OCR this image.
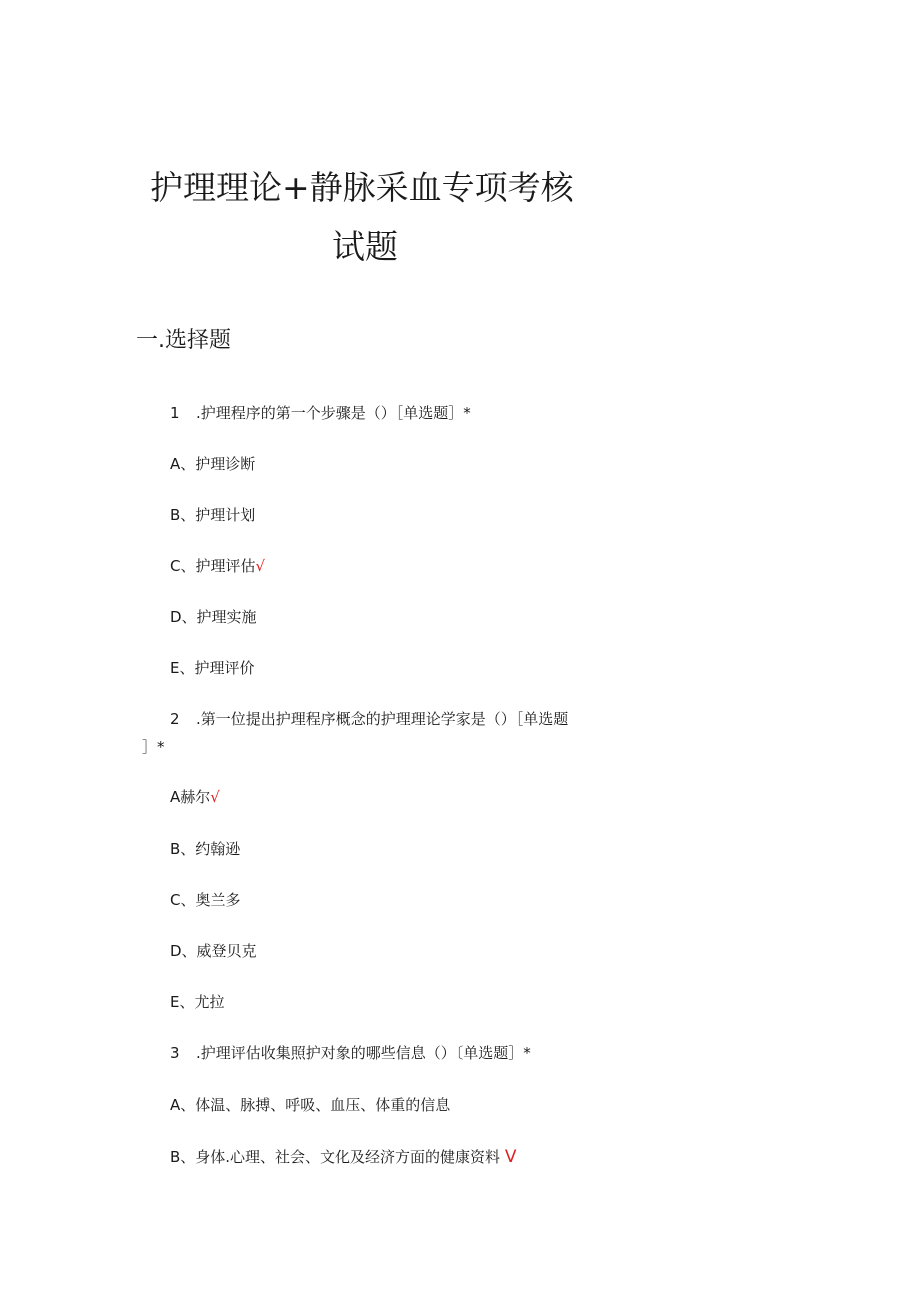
护理理论+静脉采血专项考核
试题
一.选择题
1 .护理程序的第一个步骤是（）［单选题］*
A、护理诊断
B、护理计划
C、护理评估√
D、护理实施
E、护理评价
2 .第一位提出护理程序概念的护理理论学家是（）［单选题
］*
A赫尔√
B、约翰逊
C、奥兰多
D、威登贝克
E、尤拉
3 .护理评估收集照护对象的哪些信息（）〔单选题］*
A、体温、脉搏、呼吸、血压、体重的信息
B、身体.心理、社会、文化及经济方面的健康资料 V
